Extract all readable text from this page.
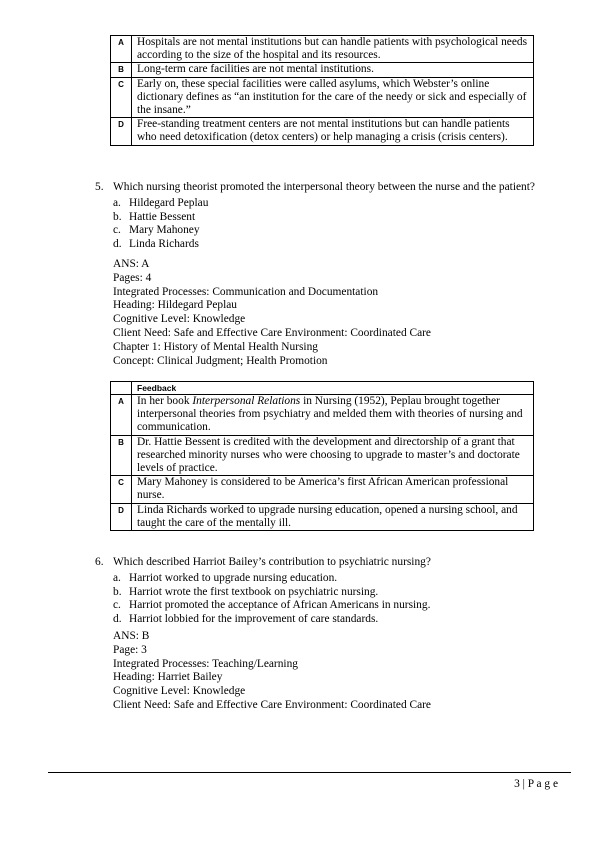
A	Hospitals are not mental institutions but can handle patients with psychological needs according to the size of the hospital and its resources.
B	Long-term care facilities are not mental institutions.
C	Early on, these special facilities were called asylums, which Webster’s online dictionary defines as “an institution for the care of the needy or sick and especially of the insane.”
D	Free-standing treatment centers are not mental institutions but can handle patients who need detoxification (detox centers) or help managing a crisis (crisis centers).
5. Which nursing theorist promoted the interpersonal theory between the nurse and the patient?
a. Hildegard Peplau
b. Hattie Bessent
c. Mary Mahoney
d. Linda Richards
ANS: A
Pages: 4
Integrated Processes: Communication and Documentation
Heading: Hildegard Peplau
Cognitive Level: Knowledge
Client Need: Safe and Effective Care Environment: Coordinated Care
Chapter 1: History of Mental Health Nursing
Concept: Clinical Judgment; Health Promotion
	Feedback
A	In her book Interpersonal Relations in Nursing (1952), Peplau brought together interpersonal theories from psychiatry and melded them with theories of nursing and communication.
B	Dr. Hattie Bessent is credited with the development and directorship of a grant that researched minority nurses who were choosing to upgrade to master’s and doctorate levels of practice.
C	Mary Mahoney is considered to be America’s first African American professional nurse.
D	Linda Richards worked to upgrade nursing education, opened a nursing school, and taught the care of the mentally ill.
6. Which described Harriot Bailey’s contribution to psychiatric nursing?
a. Harriot worked to upgrade nursing education.
b. Harriot wrote the first textbook on psychiatric nursing.
c. Harriot promoted the acceptance of African Americans in nursing.
d. Harriot lobbied for the improvement of care standards.
ANS: B
Page: 3
Integrated Processes: Teaching/Learning
Heading: Harriet Bailey
Cognitive Level: Knowledge
Client Need: Safe and Effective Care Environment: Coordinated Care
3 | P a g e
